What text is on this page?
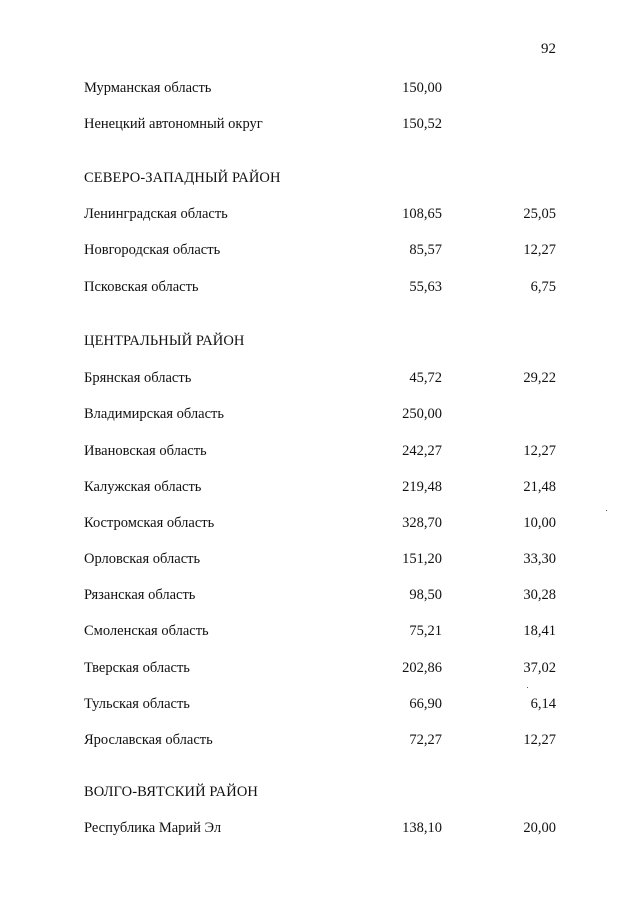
92
Мурманская область	150,00
Ненецкий автономный округ	150,52
СЕВЕРО-ЗАПАДНЫЙ РАЙОН
Ленинградская область	108,65	25,05
Новгородская область	85,57	12,27
Псковская область	55,63	6,75
ЦЕНТРАЛЬНЫЙ РАЙОН
Брянская область	45,72	29,22
Владимирская область	250,00
Ивановская область	242,27	12,27
Калужская область	219,48	21,48
Костромская область	328,70	10,00
Орловская область	151,20	33,30
Рязанская область	98,50	30,28
Смоленская область	75,21	18,41
Тверская область	202,86	37,02
Тульская область	66,90	6,14
Ярославская область	72,27	12,27
ВОЛГО-ВЯТСКИЙ РАЙОН
Республика Марий Эл	138,10	20,00
